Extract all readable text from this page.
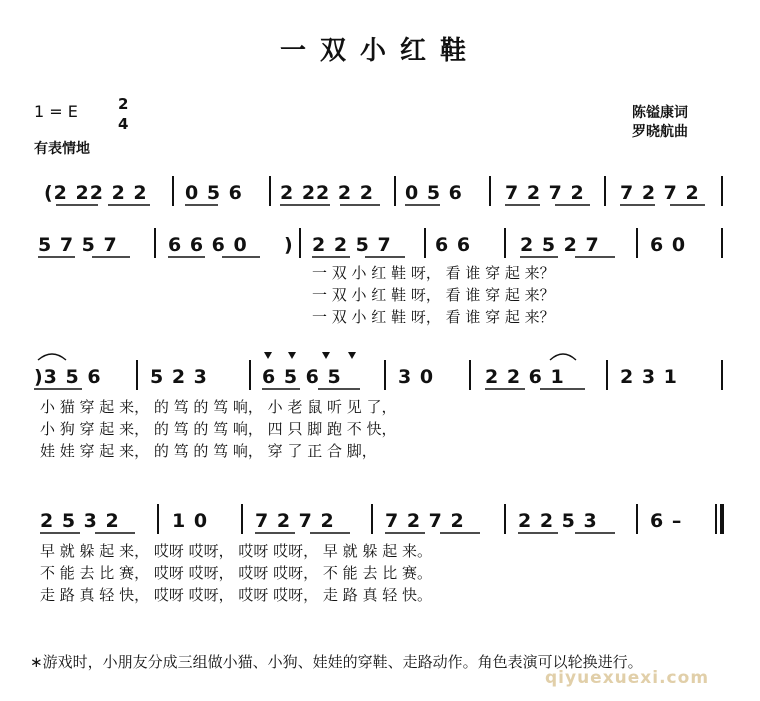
一双小红鞋
1 = E	2
4
有表情地
陈镒康词
罗晓航曲
(2 22 2 2 0 5 6 2 22 2 2 0 5 6 7 2 7 2 7 2 7 2
5 7 5 7	6 6 6 0 ) 2 2 5 7 6 6	2 5 2 7	6 0
一 双 小 红 鞋 呀， 看 谁 穿 起 来？
一 双 小 红 鞋 呀， 看 谁 穿 起 来？
一 双 小 红 鞋 呀， 看 谁 穿 起 来？
)3 5 6	5 2 3	6 5 6 5	3 0	2 2 6 1	2 3 1
小 猫 穿 起 来， 的 笃 的 笃 响， 小 老 鼠 听 见 了，
小 狗 穿 起 来， 的 笃 的 笃 响， 四 只 脚 跑 不 快，
娃 娃 穿 起 来， 的 笃 的 笃 响， 穿 了 正 合 脚，
2 5 3 2	1 0 7 2 7 2	7 2 7 2	2 2 5 3	6 –
早 就 躲 起 来， 哎呀 哎呀， 哎呀 哎呀， 早 就 躲 起 来。
不 能 去 比 赛， 哎呀 哎呀， 哎呀 哎呀， 不 能 去 比 赛。
走 路 真 轻 快， 哎呀 哎呀， 哎呀 哎呀， 走 路 真 轻 快。
∗游戏时，小朋友分成三组做小猫、小狗、娃娃的穿鞋、走路动作。角色表演可以轮换进行。
qiyuexuexi.com
